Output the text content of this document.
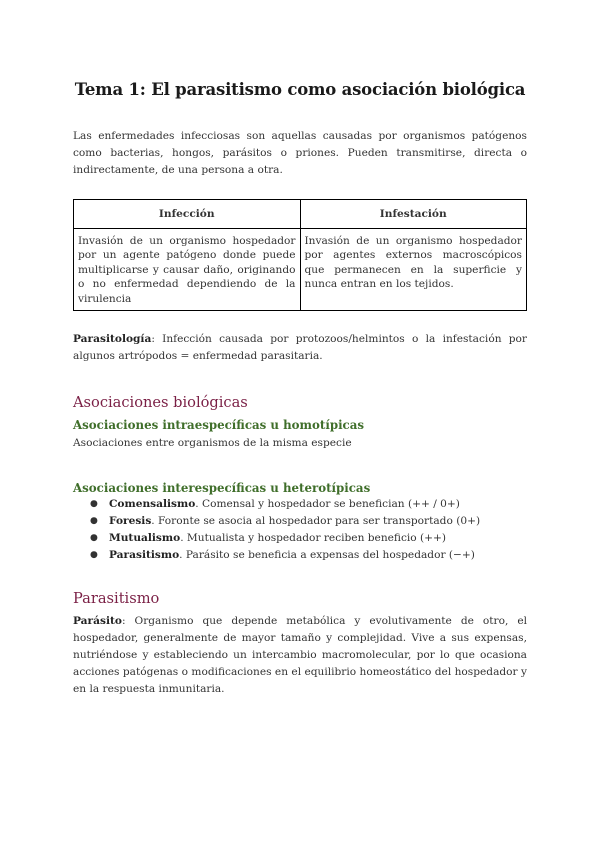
Tema 1: El parasitismo como asociación biológica
Las enfermedades infecciosas son aquellas causadas por organismos patógenos como bacterias, hongos, parásitos o priones. Pueden transmitirse, directa o indirectamente, de una persona a otra.
Infección	Infestación
Invasión de un organismo hospedador por un agente patógeno donde puede multiplicarse y causar daño, originando o no enfermedad dependiendo de la virulencia	Invasión de un organismo hospedador por agentes externos macroscópicos que permanecen en la superficie y nunca entran en los tejidos.
Parasitología: Infección causada por protozoos/helmintos o la infestación por algunos artrópodos = enfermedad parasitaria.
Asociaciones biológicas
Asociaciones intraespecíficas u homotípicas
Asociaciones entre organismos de la misma especie
Asociaciones interespecíficas u heterotípicas
● Comensalismo. Comensal y hospedador se benefician (++ / 0+)
● Foresis. Foronte se asocia al hospedador para ser transportado (0+)
● Mutualismo. Mutualista y hospedador reciben beneficio (++)
● Parasitismo. Parásito se beneficia a expensas del hospedador (−+)
Parasitismo
Parásito: Organismo que depende metabólica y evolutivamente de otro, el hospedador, generalmente de mayor tamaño y complejidad. Vive a sus expensas, nutriéndose y estableciendo un intercambio macromolecular, por lo que ocasiona acciones patógenas o modificaciones en el equilibrio homeostático del hospedador y en la respuesta inmunitaria.
